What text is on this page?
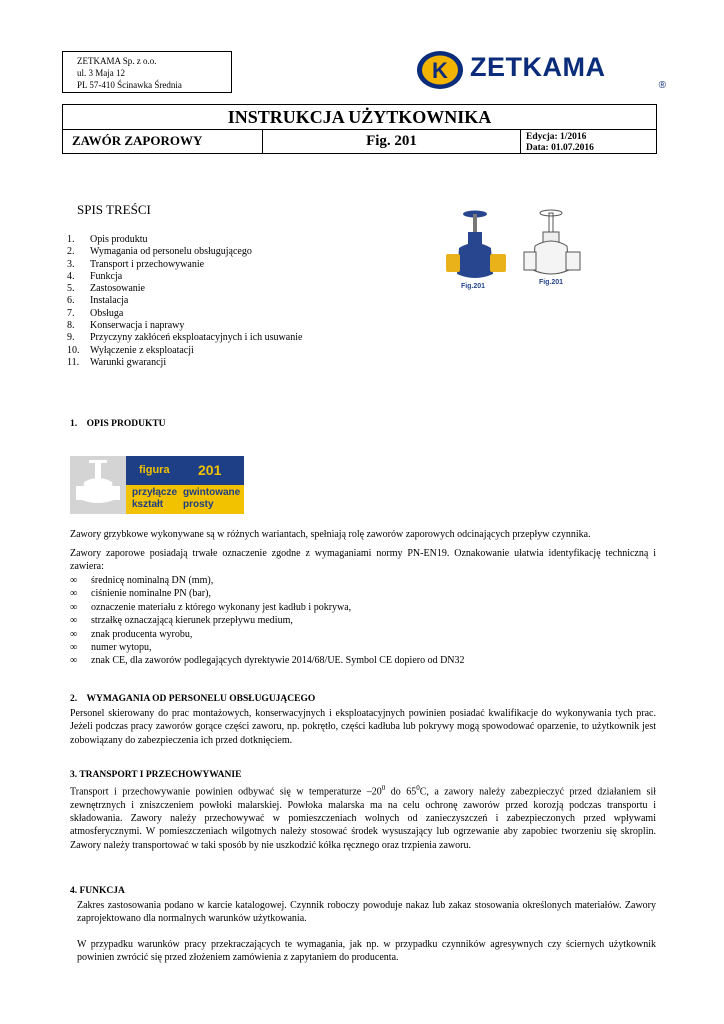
ZETKAMA Sp. z o.o.
ul. 3 Maja 12
PL 57-410 Ścinawka Średnia
K ZETKAMA
®
INSTRUKCJA UŻYTKOWNIKA
ZAWÓR ZAPOROWY	Fig. 201	Edycja: 1/2016
Data: 01.07.2016
SPIS TREŚCI
1. Opis produktu
2. Wymagania od personelu obsługującego
3. Transport i przechowywanie
4. Funkcja
5. Zastosowanie
6. Instalacja
7. Obsługa
8. Konserwacja i naprawy
9. Przyczyny zakłóceń eksploatacyjnych i ich usuwanie
10. Wyłączenie z eksploatacji
11. Warunki gwarancji
Fig.201
Fig.201
1.    OPIS PRODUKTU
figura 201
przyłącze
kształt
gwintowane
prosty
Zawory grzybkowe wykonywane są w różnych wariantach, spełniają rolę zaworów zaporowych odcinających przepływ czynnika.
Zawory zaporowe posiadają trwałe oznaczenie zgodne z wymaganiami normy PN-EN19. Oznakowanie ułatwia identyfikację techniczną i zawiera:
∞ średnicę nominalną DN (mm),
∞ ciśnienie nominalne PN (bar),
∞ oznaczenie materiału z którego wykonany jest kadłub i pokrywa,
∞ strzałkę oznaczającą kierunek przepływu medium,
∞ znak producenta wyrobu,
∞ numer wytopu,
∞ znak CE, dla zaworów podlegających dyrektywie 2014/68/UE. Symbol CE dopiero od DN32
2.    WYMAGANIA OD PERSONELU OBSŁUGUJĄCEGO
Personel skierowany do prac montażowych, konserwacyjnych i eksploatacyjnych powinien posiadać kwalifikacje do wykonywania tych prac. Jeżeli podczas pracy zaworów gorące części zaworu, np. pokrętło, części kadłuba lub pokrywy mogą spowodować oparzenie, to użytkownik jest zobowiązany do zabezpieczenia ich przed dotknięciem.
3. TRANSPORT I PRZECHOWYWANIE
Transport i przechowywanie powinien odbywać się w temperaturze $-20^0$ do $65^0C$, a zawory należy zabezpieczyć przed działaniem sił zewnętrznych i zniszczeniem powłoki malarskiej. Powłoka malarska ma na celu ochronę zaworów przed korozją podczas transportu i składowania. Zawory należy przechowywać w pomieszczeniach wolnych od zanieczyszczeń i zabezpieczonych przed wpływami atmosferycznymi. W pomieszczeniach wilgotnych należy stosować środek wysuszający lub ogrzewanie aby zapobiec tworzeniu się skroplin. Zawory należy transportować w taki sposób by nie uszkodzić kółka ręcznego oraz trzpienia zaworu.
4. FUNKCJA
Zakres zastosowania podano w karcie katalogowej. Czynnik roboczy powoduje nakaz lub zakaz stosowania określonych materiałów. Zawory zaprojektowano dla normalnych warunków użytkowania.
W przypadku warunków pracy przekraczających te wymagania, jak np. w przypadku czynników agresywnych czy ściernych użytkownik powinien zwrócić się przed złożeniem zamówienia z zapytaniem do producenta.
